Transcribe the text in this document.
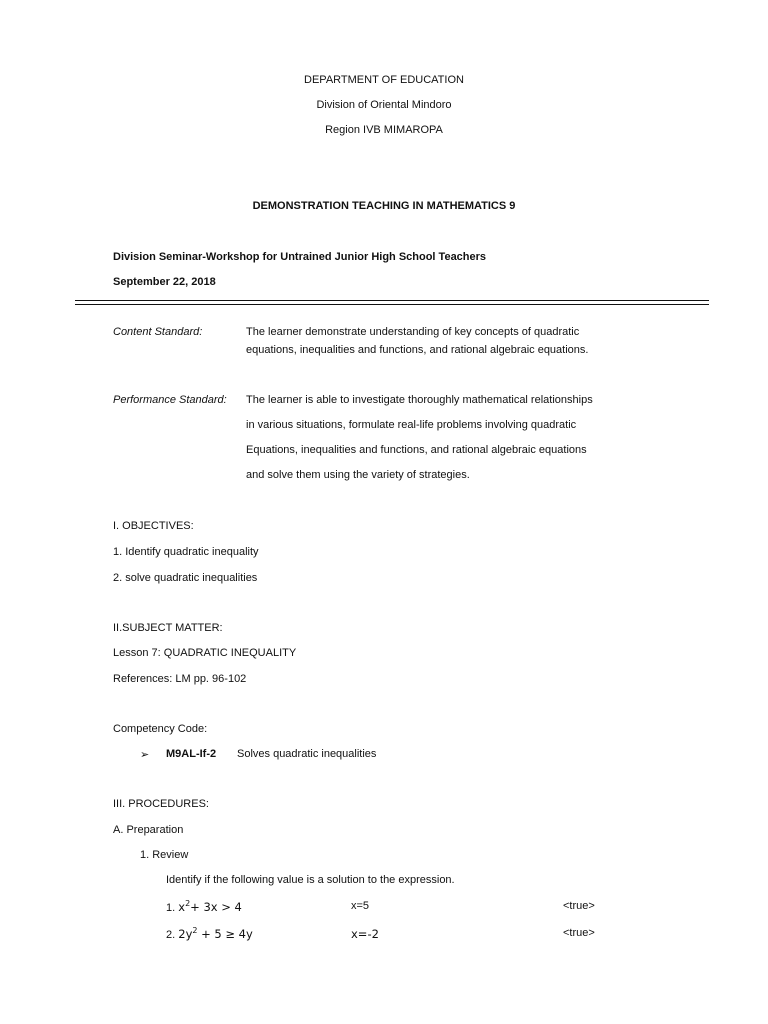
DEPARTMENT OF EDUCATION
Division of Oriental Mindoro
Region IVB MIMAROPA
DEMONSTRATION TEACHING IN MATHEMATICS 9
Division Seminar-Workshop for Untrained Junior High School Teachers
September 22, 2018
Content Standard:	The learner demonstrate understanding of key concepts of quadratic
equations, inequalities and functions, and rational algebraic equations.
Performance Standard: The learner is able to investigate thoroughly mathematical relationships
in various situations, formulate real-life problems involving quadratic
Equations, inequalities and functions, and rational algebraic equations
and solve them using the variety of strategies.
I. OBJECTIVES:
1. Identify quadratic inequality
2. solve quadratic inequalities
II.SUBJECT MATTER:
Lesson 7: QUADRATIC INEQUALITY
References: LM pp. 96-102
Competency Code:
➢ M9AL-If-2 Solves quadratic inequalities
III. PROCEDURES:
A. Preparation
1. Review
Identify if the following value is a solution to the expression.
1. $x^2+ 3x > 4$	x=5	<true>
2. $2y^2 + 5 \ge 4y$	x=-2	<true>
